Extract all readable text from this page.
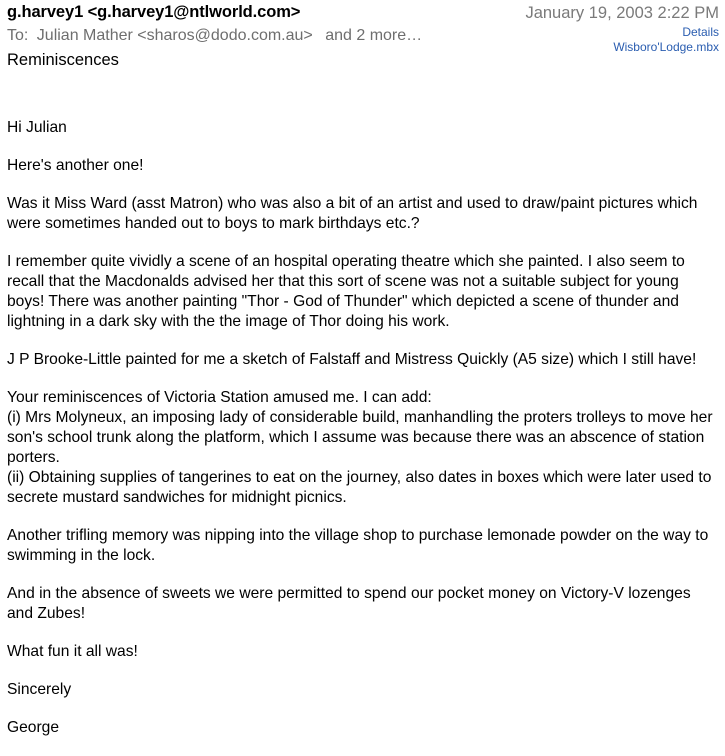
g.harvey1 <g.harvey1@ntlworld.com>	January 19, 2003 2:22 PM
To: Julian Mather <sharos@dodo.com.au> and 2 more…	Details
Wisboro'Lodge.mbx
Reminiscences

Hi Julian

Here's another one!

Was it Miss Ward (asst Matron) who was also a bit of an artist and used to draw/paint pictures which were sometimes handed out to boys to mark birthdays etc.?

I remember quite vividly a scene of an hospital operating theatre which she painted. I also seem to recall that the Macdonalds advised her that this sort of scene was not a suitable subject for young boys! There was another painting "Thor - God of Thunder" which depicted a scene of thunder and lightning in a dark sky with the the image of Thor doing his work.

J P Brooke-Little painted for me a sketch of Falstaff and Mistress Quickly (A5 size) which I still have!

Your reminiscences of Victoria Station amused me. I can add:
(i) Mrs Molyneux, an imposing lady of considerable build, manhandling the proters trolleys to move her son's school trunk along the platform, which I assume was because there was an abscence of station porters.
(ii) Obtaining supplies of tangerines to eat on the journey, also dates in boxes which were later used to secrete mustard sandwiches for midnight picnics.

Another trifling memory was nipping into the village shop to purchase lemonade powder on the way to swimming in the lock.

And in the absence of sweets we were permitted to spend our pocket money on Victory-V lozenges and Zubes!

What fun it all was!

Sincerely

George
